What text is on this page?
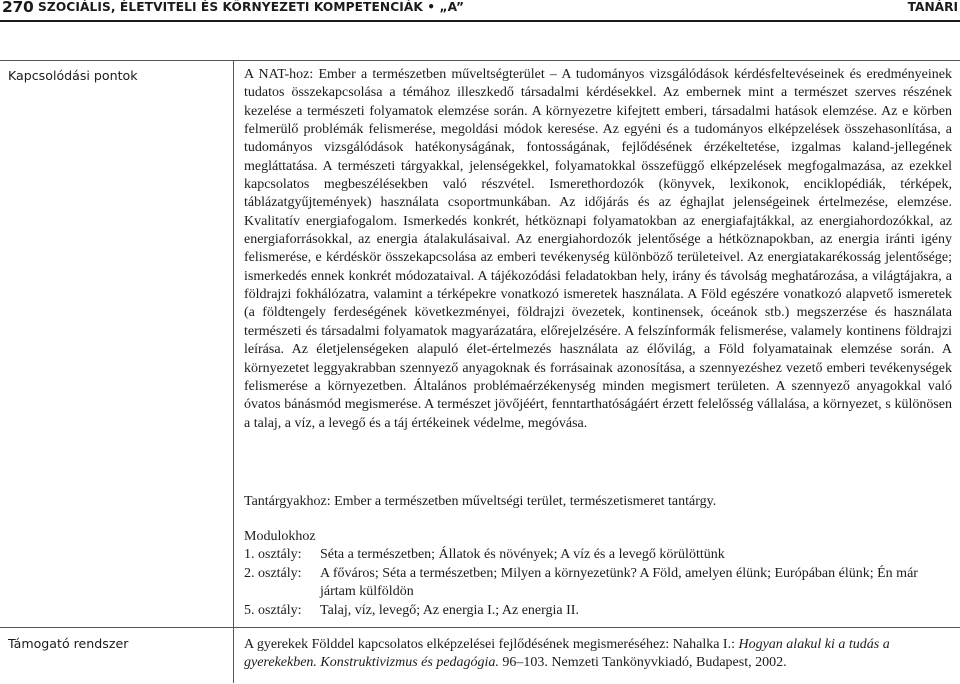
270 SZOCIÁLIS, ÉLETVITELI ÉS KÖRNYEZETI KOMPETENCIÁK • „A”	TANÁRI
Kapcsolódási pontok	A NAT-hoz: Ember a természetben műveltségterület – A tudományos vizsgálódások kérdésfeltevéseinek és eredményeinek tudatos összekapcsolása a témához illeszkedő társadalmi kérdésekkel. Az embernek mint a természet szerves részének kezelése a természeti folyamatok elemzése során. A környezetre kifejtett emberi, társadalmi hatások elemzése. Az e körben felmerülő problémák felismerése, megoldási módok keresése. Az egyéni és a tudományos elképzelések összehasonlítása, a tudományos vizsgálódások hatékonyságának, fontosságának, fejlődésének érzékeltetése, izgalmas kaland-jellegének megláttatása. A természeti tárgyakkal, jelenségekkel, folyamatokkal összefüggő elképzelések megfogalmazása, az ezekkel kapcsolatos megbeszélésekben való részvétel. Ismerethordozók (könyvek, lexikonok, enciklopédiák, térképek, táblázatgyűjtemények) használata csoportmunkában. Az időjárás és az éghajlat jelenségeinek értelmezése, elemzése. Kvalitatív energiafogalom. Ismerkedés konkrét, hétköznapi folyamatokban az energiafajtákkal, az energiahordozókkal, az energiaforrásokkal, az energia átalakulásaival. Az energiahordozók jelentősége a hétköznapokban, az energia iránti igény felismerése, e kérdéskör összekapcsolása az emberi tevékenység különböző területeivel. Az energiatakarékosság jelentősége; ismerkedés ennek konkrét módozataival. A tájékozódási feladatokban hely, irány és távolság meghatározása, a világtájakra, a földrajzi fokhálózatra, valamint a térképekre vonatkozó ismeretek használata. A Föld egészére vonatkozó alapvető ismeretek (a földtengely ferdeségének következményei, földrajzi övezetek, kontinensek, óceánok stb.) megszerzése és használata természeti és társadalmi folyamatok magyarázatára, előrejelzésére. A felszínformák felismerése, valamely kontinens földrajzi leírása. Az életjelenségeken alapuló élet-értelmezés használata az élővilág, a Föld folyamatainak elemzése során. A környezetet leggyakrabban szennyező anyagoknak és forrásainak azonosítása, a szennyezéshez vezető emberi tevékenységek felismerése a környezetben. Általános problémaérzékenység minden megismert területen. A szennyező anyagokkal való óvatos bánásmód megismerése. A természet jövőjéért, fenntarthatóságáért érzett felelősség vállalása, a környezet, s különösen a talaj, a víz, a levegő és a táj értékeinek védelme, megóvása.
Tantárgyakhoz: Ember a természetben műveltségi terület, természetismeret tantárgy.
Modulokhoz
1. osztály:	Séta a természetben; Állatok és növények; A víz és a levegő körülöttünk
2. osztály:	A főváros; Séta a természetben; Milyen a környezetünk? A Föld, amelyen élünk; Európában élünk; Én már jártam külföldön
5. osztály:	Talaj, víz, levegő; Az energia I.; Az energia II.
Támogató rendszer	A gyerekek Földdel kapcsolatos elképzelései fejlődésének megismeréséhez: Nahalka I.: Hogyan alakul ki a tudás a gyerekekben. Konstruktivizmus és pedagógia. 96–103. Nemzeti Tankönyvkiadó, Budapest, 2002.
